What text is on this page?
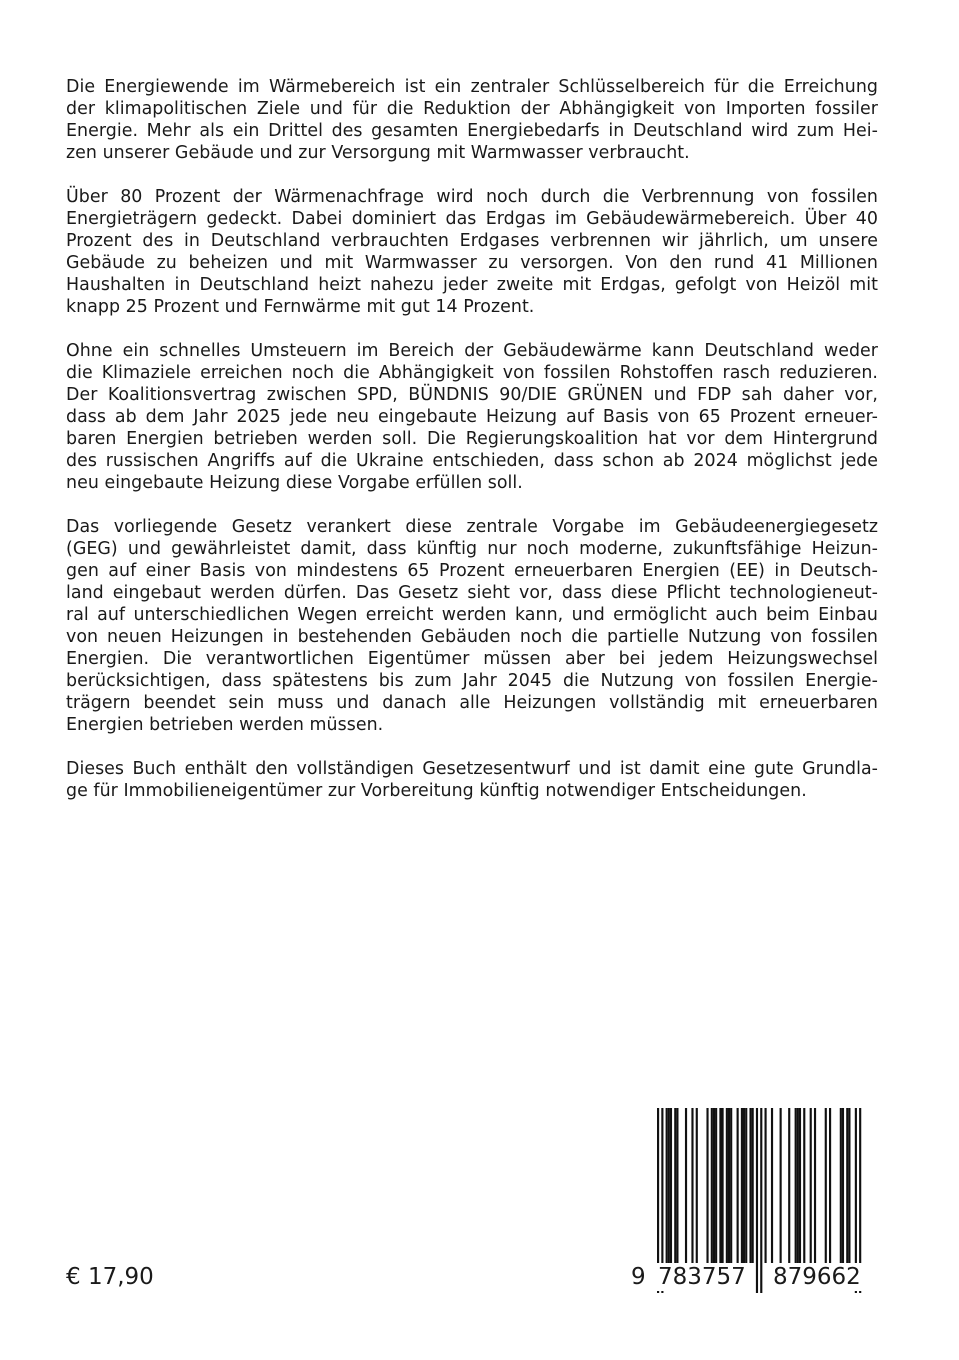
Die Energiewende im Wärmebereich ist ein zentraler Schlüsselbereich für die Erreichung
der klimapolitischen Ziele und für die Reduktion der Abhängigkeit von Importen fossiler
Energie. Mehr als ein Drittel des gesamten Energiebedarfs in Deutschland wird zum Hei-
zen unserer Gebäude und zur Versorgung mit Warmwasser verbraucht.

Über 80 Prozent der Wärmenachfrage wird noch durch die Verbrennung von fossilen
Energieträgern gedeckt. Dabei dominiert das Erdgas im Gebäudewärmebereich. Über 40
Prozent des in Deutschland verbrauchten Erdgases verbrennen wir jährlich, um unsere
Gebäude zu beheizen und mit Warmwasser zu versorgen. Von den rund 41 Millionen
Haushalten in Deutschland heizt nahezu jeder zweite mit Erdgas, gefolgt von Heizöl mit
knapp 25 Prozent und Fernwärme mit gut 14 Prozent.

Ohne ein schnelles Umsteuern im Bereich der Gebäudewärme kann Deutschland weder
die Klimaziele erreichen noch die Abhängigkeit von fossilen Rohstoffen rasch reduzieren.
Der Koalitionsvertrag zwischen SPD, BÜNDNIS 90/DIE GRÜNEN und FDP sah daher vor,
dass ab dem Jahr 2025 jede neu eingebaute Heizung auf Basis von 65 Prozent erneuer-
baren Energien betrieben werden soll. Die Regierungskoalition hat vor dem Hintergrund
des russischen Angriffs auf die Ukraine entschieden, dass schon ab 2024 möglichst jede
neu eingebaute Heizung diese Vorgabe erfüllen soll.

Das vorliegende Gesetz verankert diese zentrale Vorgabe im Gebäudeenergiegesetz
(GEG) und gewährleistet damit, dass künftig nur noch moderne, zukunftsfähige Heizun-
gen auf einer Basis von mindestens 65 Prozent erneuerbaren Energien (EE) in Deutsch-
land eingebaut werden dürfen. Das Gesetz sieht vor, dass diese Pflicht technologieneut-
ral auf unterschiedlichen Wegen erreicht werden kann, und ermöglicht auch beim Einbau
von neuen Heizungen in bestehenden Gebäuden noch die partielle Nutzung von fossilen
Energien. Die verantwortlichen Eigentümer müssen aber bei jedem Heizungswechsel
berücksichtigen, dass spätestens bis zum Jahr 2045 die Nutzung von fossilen Energie-
trägern beendet sein muss und danach alle Heizungen vollständig mit erneuerbaren
Energien betrieben werden müssen.

Dieses Buch enthält den vollständigen Gesetzesentwurf und ist damit eine gute Grundla-
ge für Immobilieneigentümer zur Vorbereitung künftig notwendiger Entscheidungen.

€ 17,90	9 783757 879662
